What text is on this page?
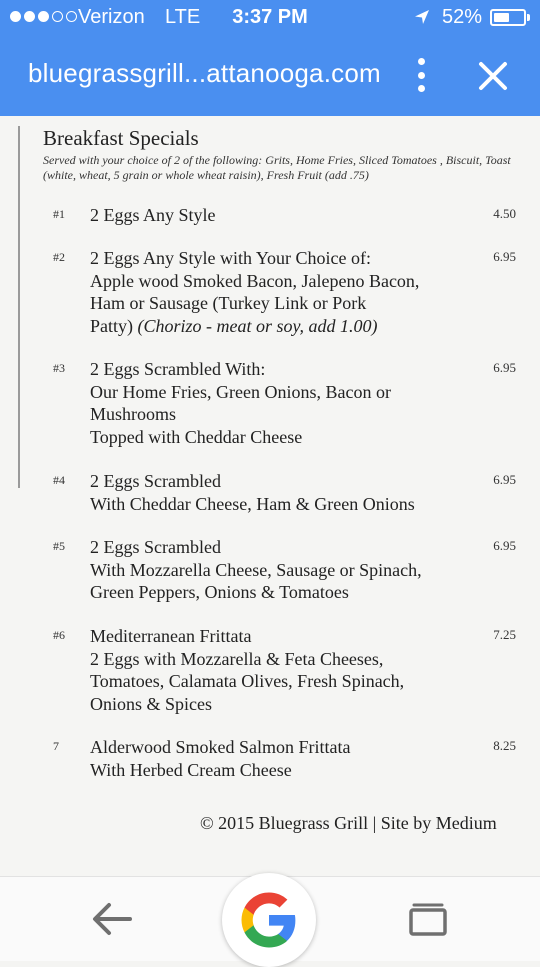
Verizon LTE	3:37 PM	52%
bluegrassgrill...attanooga.com
Breakfast Specials
Served with your choice of 2 of the following: Grits, Home Fries, Sliced Tomatoes , Biscuit, Toast (white, wheat, 5 grain or whole wheat raisin), Fresh Fruit (add .75)
#1 2 Eggs Any Style	4.50
#2 2 Eggs Any Style with Your Choice of:
Apple wood Smoked Bacon, Jalepeno Bacon,
Ham or Sausage (Turkey Link or Pork
Patty) (Chorizo - meat or soy, add 1.00)
6.95
#3 2 Eggs Scrambled With:
Our Home Fries, Green Onions, Bacon or
Mushrooms
Topped with Cheddar Cheese
6.95
#4 2 Eggs Scrambled
With Cheddar Cheese, Ham & Green Onions
6.95
#5 2 Eggs Scrambled
With Mozzarella Cheese, Sausage or Spinach,
Green Peppers, Onions & Tomatoes
6.95
#6 Mediterranean Frittata
2 Eggs with Mozzarella & Feta Cheeses,
Tomatoes, Calamata Olives, Fresh Spinach,
Onions & Spices
7.25
7 Alderwood Smoked Salmon Frittata
With Herbed Cream Cheese
8.25
© 2015 Bluegrass Grill | Site by Medium
